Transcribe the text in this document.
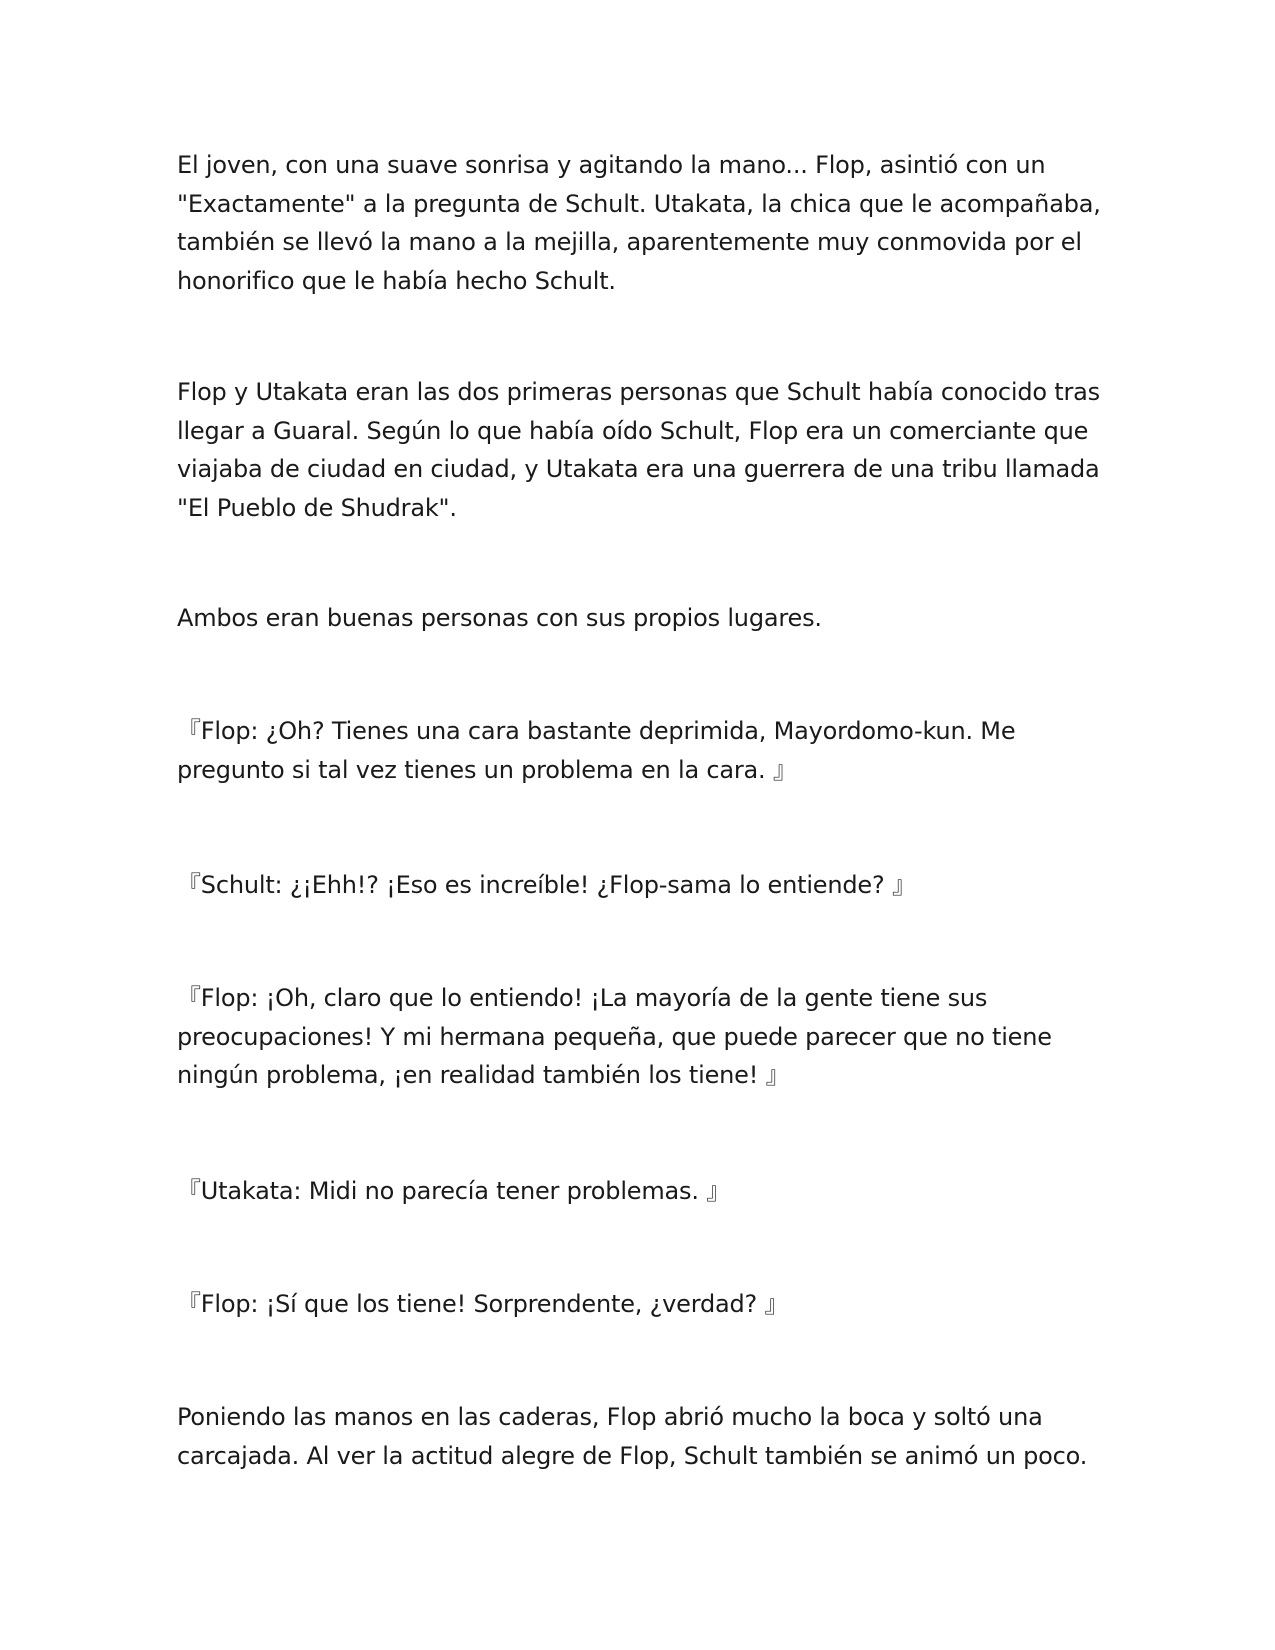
El joven, con una suave sonrisa y agitando la mano... Flop, asintió con un
"Exactamente" a la pregunta de Schult. Utakata, la chica que le acompañaba,
también se llevó la mano a la mejilla, aparentemente muy conmovida por el
honorifico que le había hecho Schult.

Flop y Utakata eran las dos primeras personas que Schult había conocido tras
llegar a Guaral. Según lo que había oído Schult, Flop era un comerciante que
viajaba de ciudad en ciudad, y Utakata era una guerrera de una tribu llamada
"El Pueblo de Shudrak".

Ambos eran buenas personas con sus propios lugares.

『Flop: ¿Oh? Tienes una cara bastante deprimida, Mayordomo-kun. Me
pregunto si tal vez tienes un problema en la cara. 』

『Schult: ¿¡Ehh!? ¡Eso es increíble! ¿Flop-sama lo entiende? 』

『Flop: ¡Oh, claro que lo entiendo! ¡La mayoría de la gente tiene sus
preocupaciones! Y mi hermana pequeña, que puede parecer que no tiene
ningún problema, ¡en realidad también los tiene! 』

『Utakata: Midi no parecía tener problemas. 』

『Flop: ¡Sí que los tiene! Sorprendente, ¿verdad? 』

Poniendo las manos en las caderas, Flop abrió mucho la boca y soltó una
carcajada. Al ver la actitud alegre de Flop, Schult también se animó un poco.
